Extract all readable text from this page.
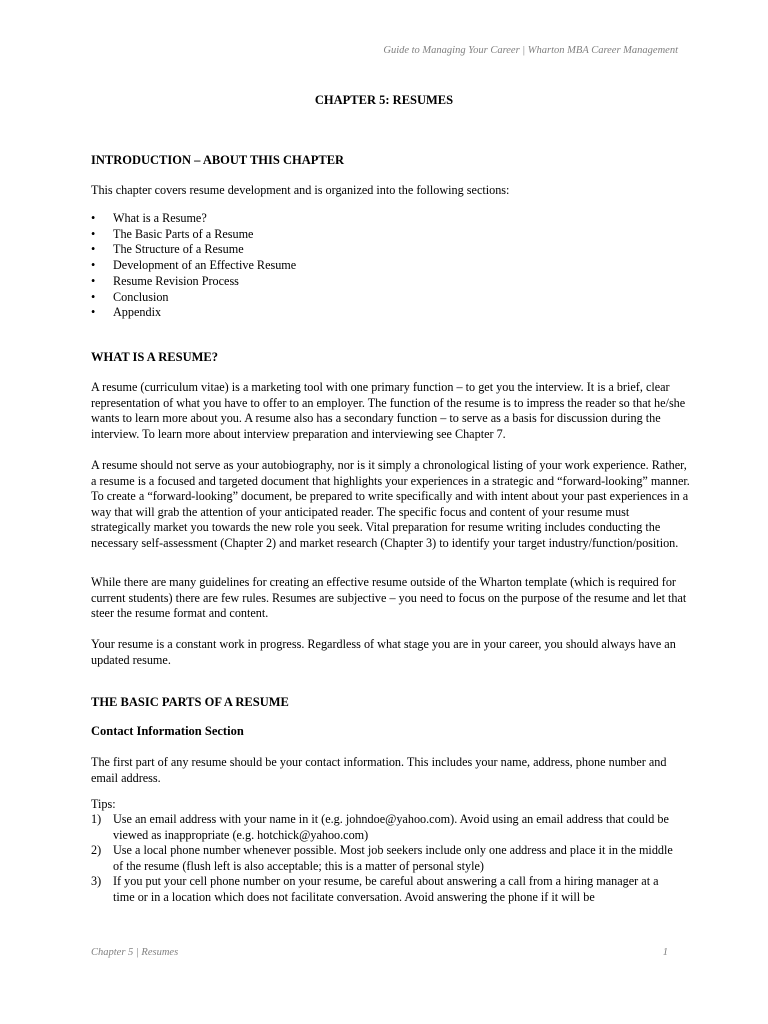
Guide to Managing Your Career | Wharton MBA Career Management
CHAPTER 5: RESUMES
INTRODUCTION – ABOUT THIS CHAPTER
This chapter covers resume development and is organized into the following sections:
• What is a Resume?
• The Basic Parts of a Resume
• The Structure of a Resume
• Development of an Effective Resume
• Resume Revision Process
• Conclusion
• Appendix
WHAT IS A RESUME?
A resume (curriculum vitae) is a marketing tool with one primary function – to get you the interview. It is a brief, clear representation of what you have to offer to an employer. The function of the resume is to impress the reader so that he/she wants to learn more about you. A resume also has a secondary function – to serve as a basis for discussion during the interview. To learn more about interview preparation and interviewing see Chapter 7.
A resume should not serve as your autobiography, nor is it simply a chronological listing of your work experience. Rather, a resume is a focused and targeted document that highlights your experiences in a strategic and “forward-looking” manner. To create a “forward-looking” document, be prepared to write specifically and with intent about your past experiences in a way that will grab the attention of your anticipated reader. The specific focus and content of your resume must strategically market you towards the new role you seek. Vital preparation for resume writing includes conducting the necessary self-assessment (Chapter 2) and market research (Chapter 3) to identify your target industry/function/position.
While there are many guidelines for creating an effective resume outside of the Wharton template (which is required for current students) there are few rules. Resumes are subjective – you need to focus on the purpose of the resume and let that steer the resume format and content.
Your resume is a constant work in progress. Regardless of what stage you are in your career, you should always have an updated resume.
THE BASIC PARTS OF A RESUME
Contact Information Section
The first part of any resume should be your contact information. This includes your name, address, phone number and email address.
Tips:
1) Use an email address with your name in it (e.g. johndoe@yahoo.com). Avoid using an email address that could be viewed as inappropriate (e.g. hotchick@yahoo.com)
2) Use a local phone number whenever possible. Most job seekers include only one address and place it in the middle of the resume (flush left is also acceptable; this is a matter of personal style)
3) If you put your cell phone number on your resume, be careful about answering a call from a hiring manager at a time or in a location which does not facilitate conversation. Avoid answering the phone if it will be
Chapter 5 | Resumes	1
